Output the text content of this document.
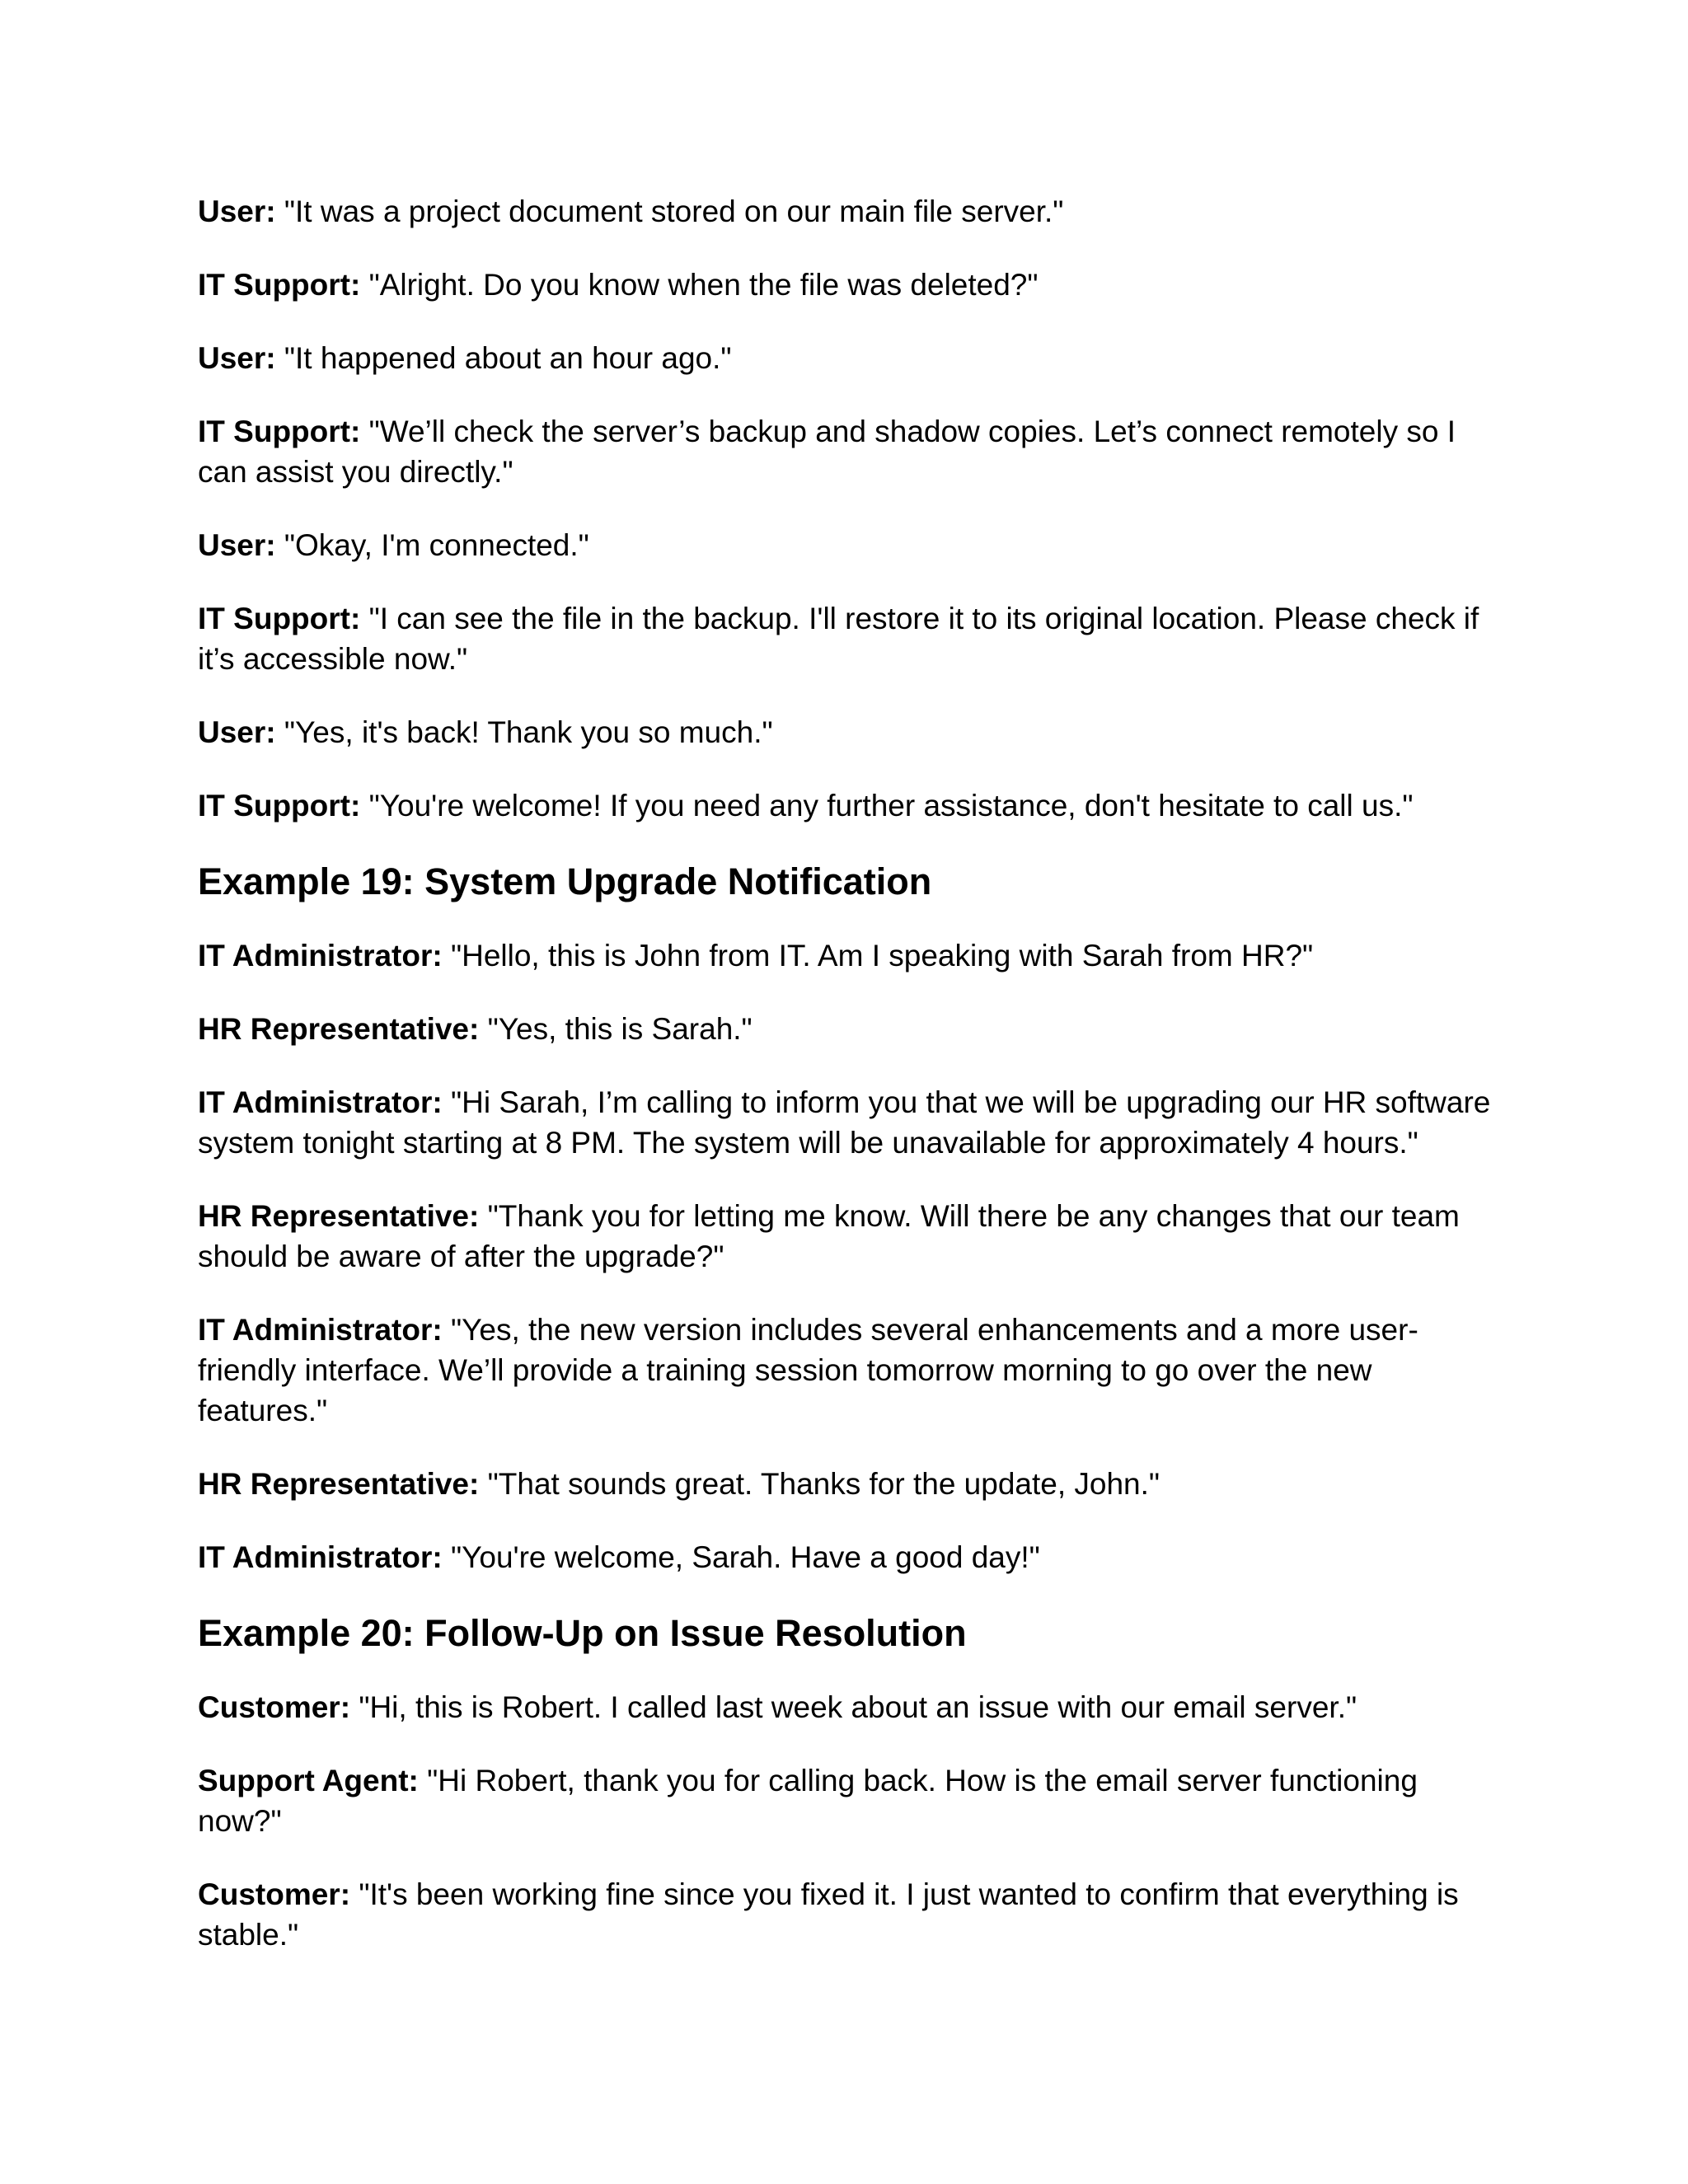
User: "It was a project document stored on our main file server."

IT Support: "Alright. Do you know when the file was deleted?"

User: "It happened about an hour ago."

IT Support: "We’ll check the server’s backup and shadow copies. Let’s connect remotely so I can assist you directly."

User: "Okay, I'm connected."

IT Support: "I can see the file in the backup. I'll restore it to its original location. Please check if it’s accessible now."

User: "Yes, it's back! Thank you so much."

IT Support: "You're welcome! If you need any further assistance, don't hesitate to call us."

Example 19: System Upgrade Notification

IT Administrator: "Hello, this is John from IT. Am I speaking with Sarah from HR?"

HR Representative: "Yes, this is Sarah."

IT Administrator: "Hi Sarah, I’m calling to inform you that we will be upgrading our HR software system tonight starting at 8 PM. The system will be unavailable for approximately 4 hours."

HR Representative: "Thank you for letting me know. Will there be any changes that our team should be aware of after the upgrade?"

IT Administrator: "Yes, the new version includes several enhancements and a more user-friendly interface. We’ll provide a training session tomorrow morning to go over the new features."

HR Representative: "That sounds great. Thanks for the update, John."

IT Administrator: "You're welcome, Sarah. Have a good day!"

Example 20: Follow-Up on Issue Resolution

Customer: "Hi, this is Robert. I called last week about an issue with our email server."

Support Agent: "Hi Robert, thank you for calling back. How is the email server functioning now?"

Customer: "It's been working fine since you fixed it. I just wanted to confirm that everything is stable."
